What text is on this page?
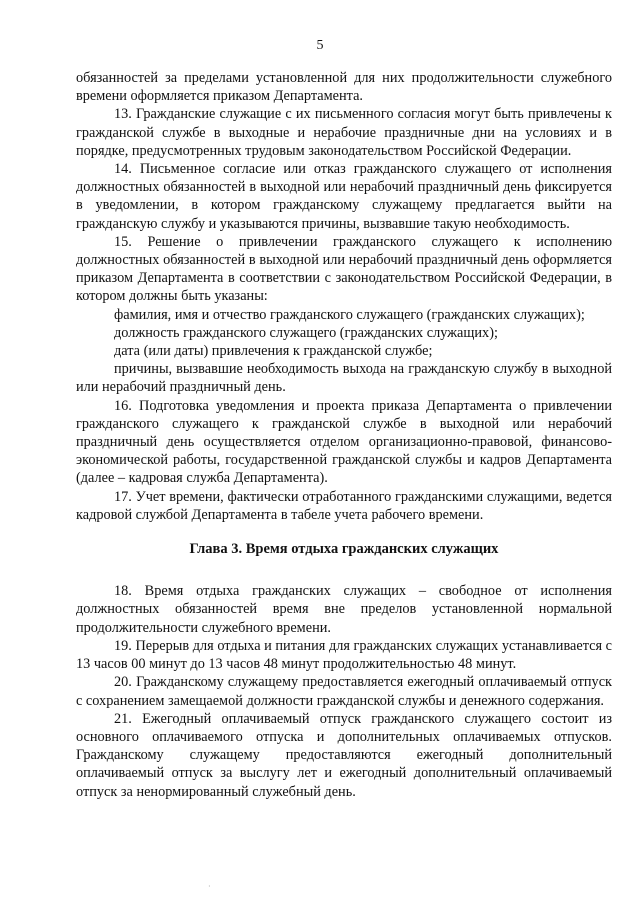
5

обязанностей за пределами установленной для них продолжительности служебного времени оформляется приказом Департамента.

13. Гражданские служащие с их письменного согласия могут быть привлечены к гражданской службе в выходные и нерабочие праздничные дни на условиях и в порядке, предусмотренных трудовым законодательством Российской Федерации.

14. Письменное согласие или отказ гражданского служащего от исполнения должностных обязанностей в выходной или нерабочий праздничный день фиксируется в уведомлении, в котором гражданскому служащему предлагается выйти на гражданскую службу и указываются причины, вызвавшие такую необходимость.

15. Решение о привлечении гражданского служащего к исполнению должностных обязанностей в выходной или нерабочий праздничный день оформляется приказом Департамента в соответствии с законодательством Российской Федерации, в котором должны быть указаны:

фамилия, имя и отчество гражданского служащего (гражданских служащих);

должность гражданского служащего (гражданских служащих);

дата (или даты) привлечения к гражданской службе;

причины, вызвавшие необходимость выхода на гражданскую службу в выходной или нерабочий праздничный день.

16. Подготовка уведомления и проекта приказа Департамента о привлечении гражданского служащего к гражданской службе в выходной или нерабочий праздничный день осуществляется отделом организационно-правовой, финансово-экономической работы, государственной гражданской службы и кадров Департамента (далее – кадровая служба Департамента).

17. Учет времени, фактически отработанного гражданскими служащими, ведется кадровой службой Департамента в табеле учета рабочего времени.

Глава 3. Время отдыха гражданских служащих

18. Время отдыха гражданских служащих – свободное от исполнения должностных обязанностей время вне пределов установленной нормальной продолжительности служебного времени.

19. Перерыв для отдыха и питания для гражданских служащих устанавливается с 13 часов 00 минут до 13 часов 48 минут продолжительностью 48 минут.

20. Гражданскому служащему предоставляется ежегодный оплачиваемый отпуск с сохранением замещаемой должности гражданской службы и денежного содержания.

21. Ежегодный оплачиваемый отпуск гражданского служащего состоит из основного оплачиваемого отпуска и дополнительных оплачиваемых отпусков. Гражданскому служащему предоставляются ежегодный дополнительный оплачиваемый отпуск за выслугу лет и ежегодный дополнительный оплачиваемый отпуск за ненормированный служебный день.

·
